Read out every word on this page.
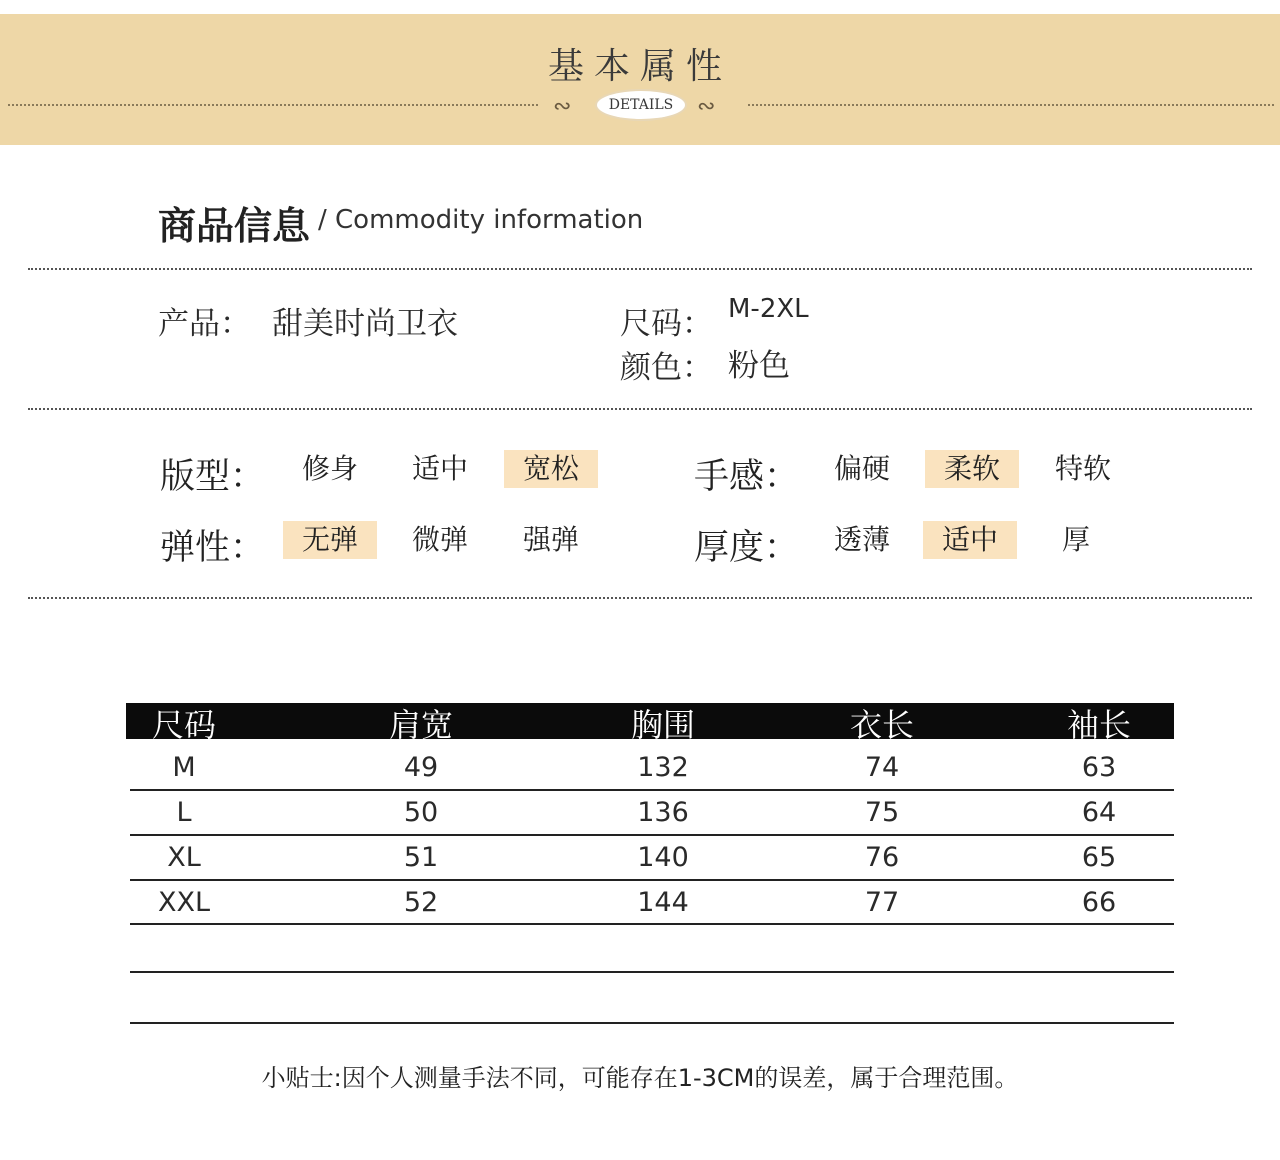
基本属性
∾	∾
DETAILS
商品信息 / Commodity information
产品： 甜美时尚卫衣	尺码： M-2XL
颜色： 粉色
版型：	修身	适中	宽松	手感：	偏硬	柔软	特软
弹性：	无弹	微弹	强弹	厚度：	透薄	适中	厚
尺码	肩宽	胸围	衣长	袖长
M	49	132	74	63
L	50	136	75	64
XL	51	140	76	65
XXL	52	144	77	66
小贴士:因个人测量手法不同，可能存在1-3CM的误差，属于合理范围。
